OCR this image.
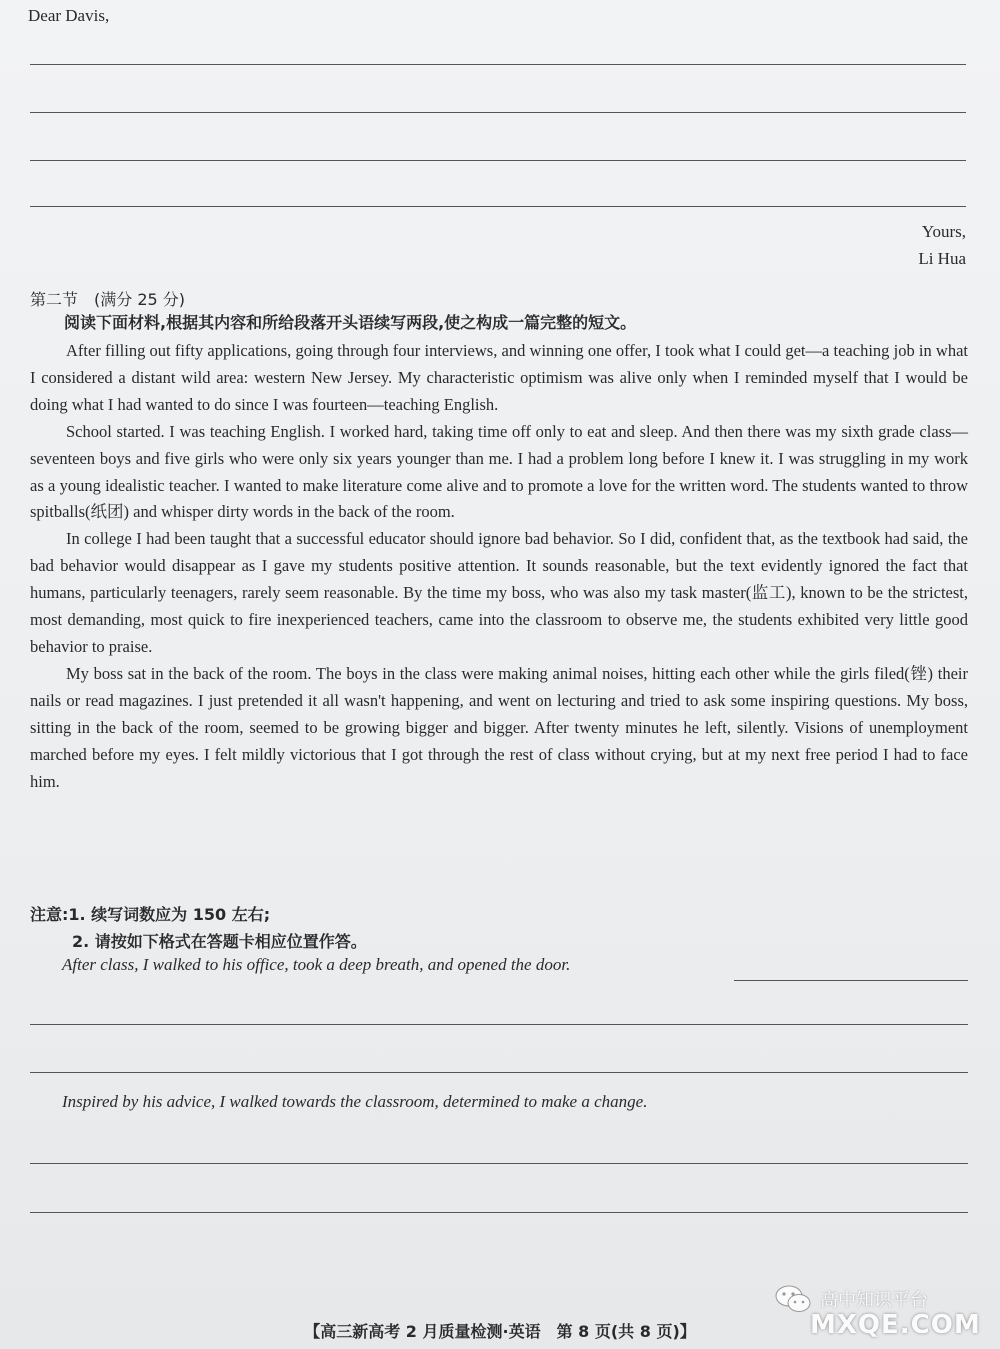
Dear Davis,
Yours,
Li Hua
第二节　(满分 25 分)
阅读下面材料,根据其内容和所给段落开头语续写两段,使之构成一篇完整的短文。

After filling out fifty applications, going through four interviews, and winning one offer, I took what I could get—a teaching job in what I considered a distant wild area: western New Jersey. My characteristic optimism was alive only when I reminded myself that I would be doing what I had wanted to do since I was fourteen—teaching English.

School started. I was teaching English. I worked hard, taking time off only to eat and sleep. And then there was my sixth grade class—seventeen boys and five girls who were only six years younger than me. I had a problem long before I knew it. I was struggling in my work as a young idealistic teacher. I wanted to make literature come alive and to promote a love for the written word. The students wanted to throw spitballs(纸团) and whisper dirty words in the back of the room.

In college I had been taught that a successful educator should ignore bad behavior. So I did, confident that, as the textbook had said, the bad behavior would disappear as I gave my students positive attention. It sounds reasonable, but the text evidently ignored the fact that humans, particularly teenagers, rarely seem reasonable. By the time my boss, who was also my task master(监工), known to be the strictest, most demanding, most quick to fire inexperienced teachers, came into the classroom to observe me, the students exhibited very little good behavior to praise.

My boss sat in the back of the room. The boys in the class were making animal noises, hitting each other while the girls filed(锉) their nails or read magazines. I just pretended it all wasn't happening, and went on lecturing and tried to ask some inspiring questions. My boss, sitting in the back of the room, seemed to be growing bigger and bigger. After twenty minutes he left, silently. Visions of unemployment marched before my eyes. I felt mildly victorious that I got through the rest of class without crying, but at my next free period I had to face him.

注意:1. 续写词数应为 150 左右;
2. 请按如下格式在答题卡相应位置作答。
After class, I walked to his office, took a deep breath, and opened the door.
Inspired by his advice, I walked towards the classroom, determined to make a change.
【高三新高考 2 月质量检测·英语　第 8 页(共 8 页)】
高中知识平台
MXQE.COM
